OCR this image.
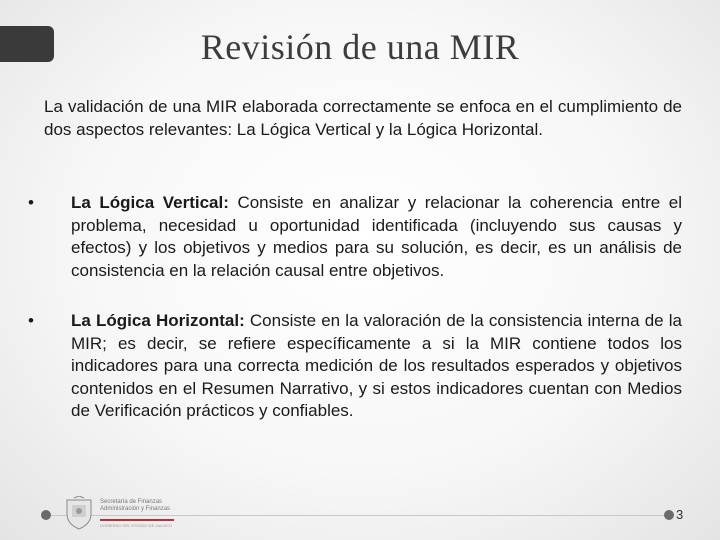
Revisión de una MIR

La validación de una MIR elaborada correctamente se enfoca en el cumplimiento de dos aspectos relevantes: La Lógica Vertical y la Lógica Horizontal.

• La Lógica Vertical: Consiste en analizar y relacionar la coherencia entre el problema, necesidad u oportunidad identificada (incluyendo sus causas y efectos) y los objetivos y medios para su solución, es decir, es un análisis de consistencia en la relación causal entre objetivos.
• La Lógica Horizontal: Consiste en la valoración de la consistencia interna de la MIR; es decir, se refiere específicamente a si la MIR contiene todos los indicadores para una correcta medición de los resultados esperados y objetivos contenidos en el Resumen Narrativo, y si estos indicadores cuentan con Medios de Verificación prácticos y confiables.
Secretaría de Finanzas
Administración y Finanzas
GOBIERNO DEL ESTADO DE JALISCO
3
